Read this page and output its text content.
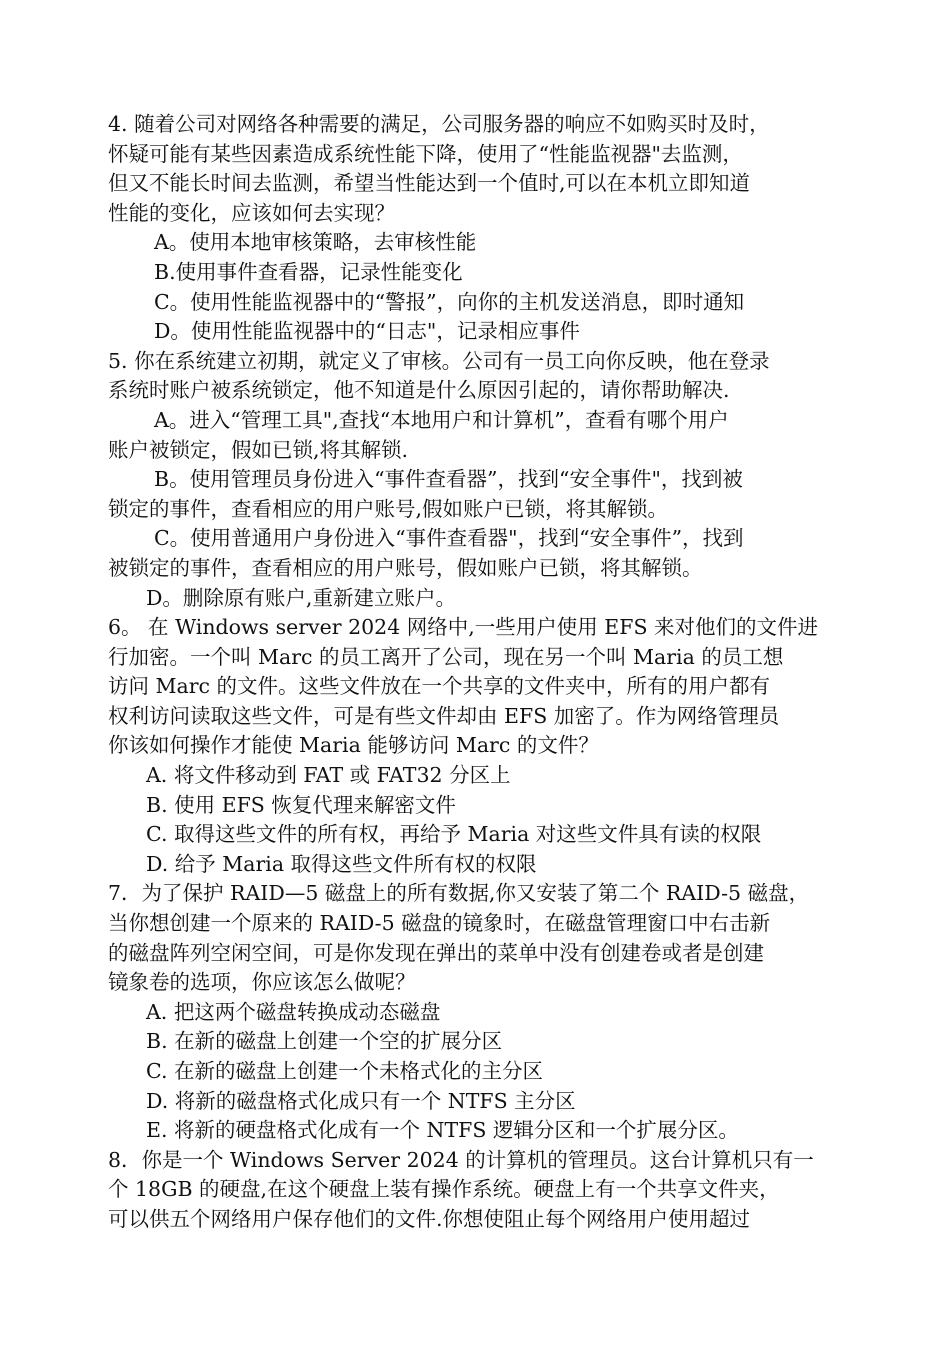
4. 随着公司对网络各种需要的满足，公司服务器的响应不如购买时及时，
怀疑可能有某些因素造成系统性能下降，使用了“性能监视器"去监测，
但又不能长时间去监测，希望当性能达到一个值时,可以在本机立即知道
性能的变化，应该如何去实现？
A。使用本地审核策略，去审核性能
B.使用事件查看器，记录性能变化
C。使用性能监视器中的“警报”，向你的主机发送消息，即时通知
D。使用性能监视器中的“日志"，记录相应事件
5. 你在系统建立初期，就定义了审核。公司有一员工向你反映，他在登录
系统时账户被系统锁定，他不知道是什么原因引起的，请你帮助解决.
A。进入“管理工具",查找“本地用户和计算机”，查看有哪个用户
账户被锁定，假如已锁,将其解锁.
B。使用管理员身份进入“事件查看器”，找到“安全事件"，找到被
锁定的事件，查看相应的用户账号,假如账户已锁，将其解锁。
C。使用普通用户身份进入“事件查看器"，找到“安全事件”，找到
被锁定的事件，查看相应的用户账号，假如账户已锁，将其解锁。
D。删除原有账户,重新建立账户。
6。 在 Windows server 2024 网络中,一些用户使用 EFS 来对他们的文件进
行加密。一个叫 Marc 的员工离开了公司，现在另一个叫 Maria 的员工想
访问 Marc 的文件。这些文件放在一个共享的文件夹中，所有的用户都有
权利访问读取这些文件，可是有些文件却由 EFS 加密了。作为网络管理员
你该如何操作才能使 Maria 能够访问 Marc 的文件？
A. 将文件移动到 FAT 或 FAT32 分区上
B. 使用 EFS 恢复代理来解密文件
C. 取得这些文件的所有权，再给予 Maria 对这些文件具有读的权限
D. 给予 Maria 取得这些文件所有权的权限
7．为了保护 RAID—5 磁盘上的所有数据,你又安装了第二个 RAID-5 磁盘，
当你想创建一个原来的 RAID-5 磁盘的镜象时，在磁盘管理窗口中右击新
的磁盘阵列空闲空间，可是你发现在弹出的菜单中没有创建卷或者是创建
镜象卷的选项，你应该怎么做呢？
A. 把这两个磁盘转换成动态磁盘
B. 在新的磁盘上创建一个空的扩展分区
C. 在新的磁盘上创建一个未格式化的主分区
D. 将新的磁盘格式化成只有一个 NTFS 主分区
E. 将新的硬盘格式化成有一个 NTFS 逻辑分区和一个扩展分区。
8．你是一个 Windows Server 2024 的计算机的管理员。这台计算机只有一
个 18GB 的硬盘,在这个硬盘上装有操作系统。硬盘上有一个共享文件夹，
可以供五个网络用户保存他们的文件.你想使阻止每个网络用户使用超过
